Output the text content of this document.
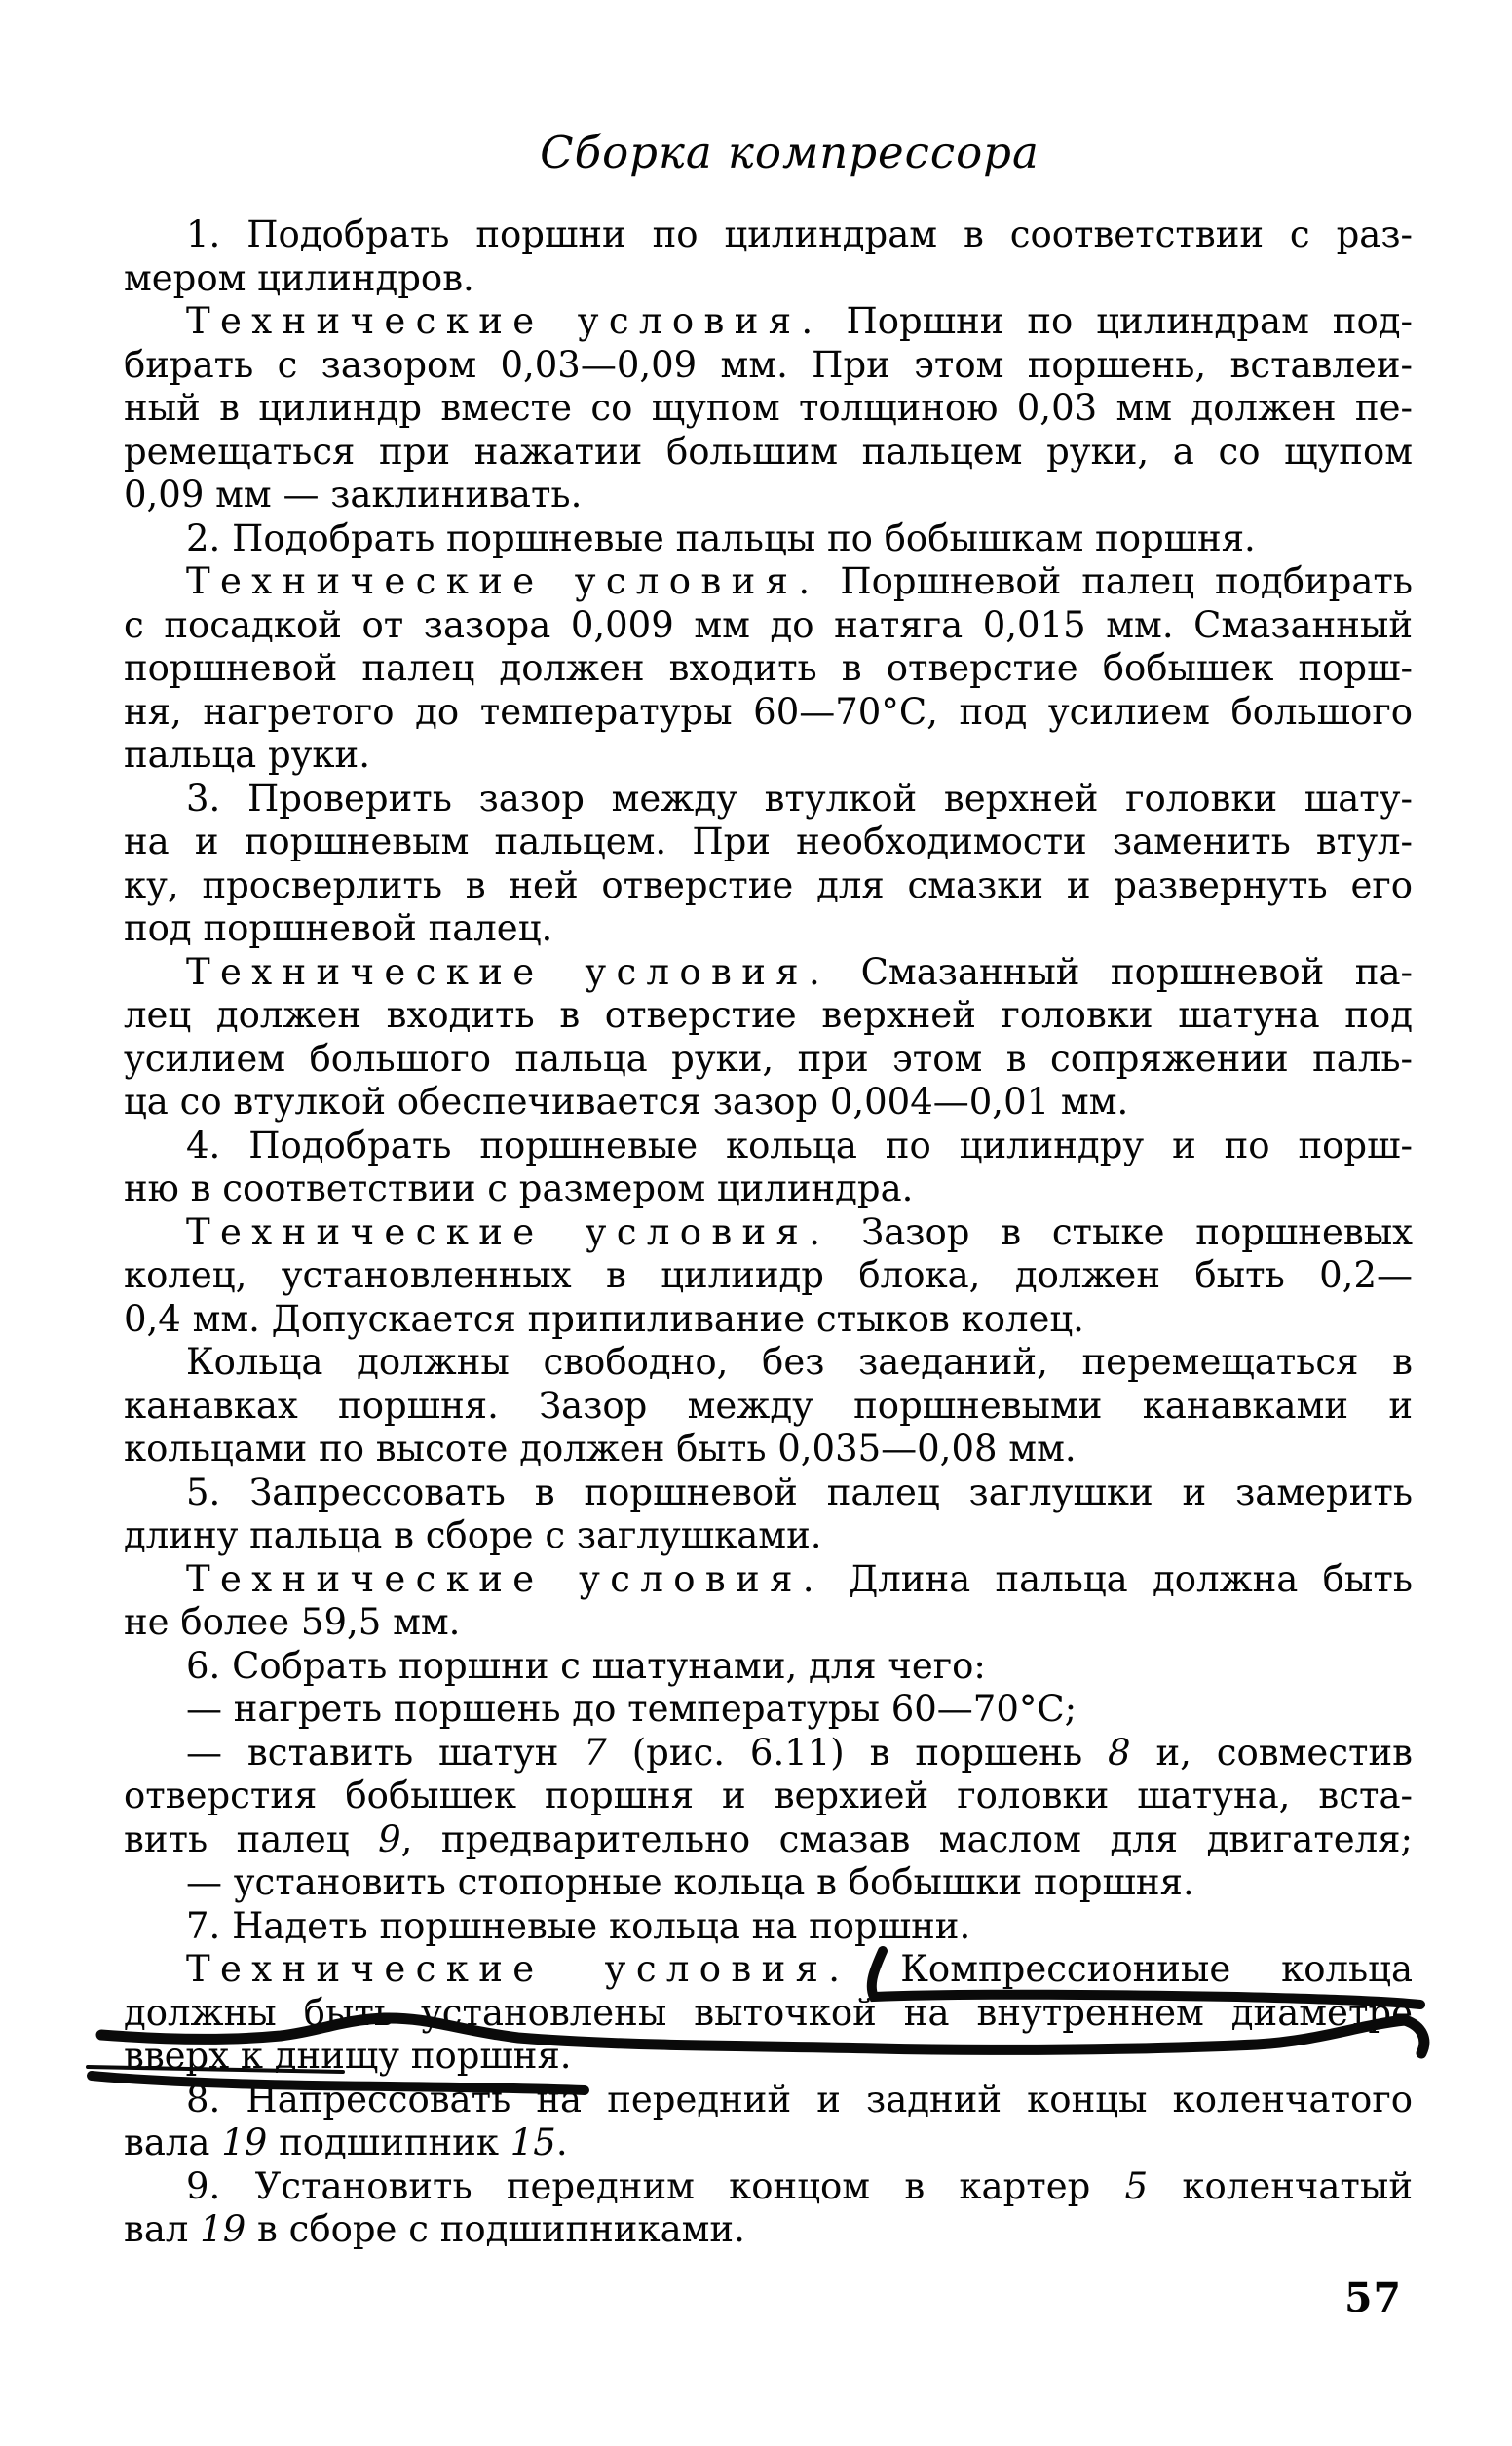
Сборка компрессора
1. Подобрать поршни по цилиндрам в соответствии с раз-
мером цилиндров.
Технические условия. Поршни по цилиндрам под-
бирать с зазором 0,03—0,09 мм. При этом поршень, вставлеи-
ный в цилиндр вместе со щупом толщиною 0,03 мм должен пе-
ремещаться при нажатии большим пальцем руки, а со щупом
0,09 мм — заклинивать.
2. Подобрать поршневые пальцы по бобышкам поршня.
Технические условия. Поршневой палец подбирать
с посадкой от зазора 0,009 мм до натяга 0,015 мм. Смазанный
поршневой палец должен входить в отверстие бобышек порш-
ня, нагретого до температуры 60—70°С, под усилием большого
пальца руки.
3. Проверить зазор между втулкой верхней головки шату-
на и поршневым пальцем. При необходимости заменить втул-
ку, просверлить в ней отверстие для смазки и развернуть его
под поршневой палец.
Технические условия. Смазанный поршневой па-
лец должен входить в отверстие верхней головки шатуна под
усилием большого пальца руки, при этом в сопряжении паль-
ца со втулкой обеспечивается зазор 0,004—0,01 мм.
4. Подобрать поршневые кольца по цилиндру и по порш-
ню в соответствии с размером цилиндра.
Технические условия. Зазор в стыке поршневых
колец, установленных в цилиидр блока, должен быть 0,2—
0,4 мм. Допускается припиливание стыков колец.
Кольца должны свободно, без заеданий, перемещаться в
канавках поршня. Зазор между поршневыми канавками и
кольцами по высоте должен быть 0,035—0,08 мм.
5. Запрессовать в поршневой палец заглушки и замерить
длину пальца в сборе с заглушками.
Технические условия. Длина пальца должна быть
не более 59,5 мм.
6. Собрать поршни с шатунами, для чего:
— нагреть поршень до температуры 60—70°С;
— вставить шатун 7 (рис. 6.11) в поршень 8 и, совместив
отверстия бобышек поршня и верхией головки шатуна, вста-
вить палец 9, предварительно смазав маслом для двигателя;
— установить стопорные кольца в бобышки поршня.
7. Надеть поршневые кольца на поршни.
Технические условия. Компрессиониые кольца
должны быть установлены выточкой на внутреннем диаметре
вверх к днищу поршня.
8. Напрессовать на передний и задний концы коленчатого
вала 19 подшипник 15.
9. Установить передним концом в картер 5 коленчатый
вал 19 в сборе с подшипниками.
57
